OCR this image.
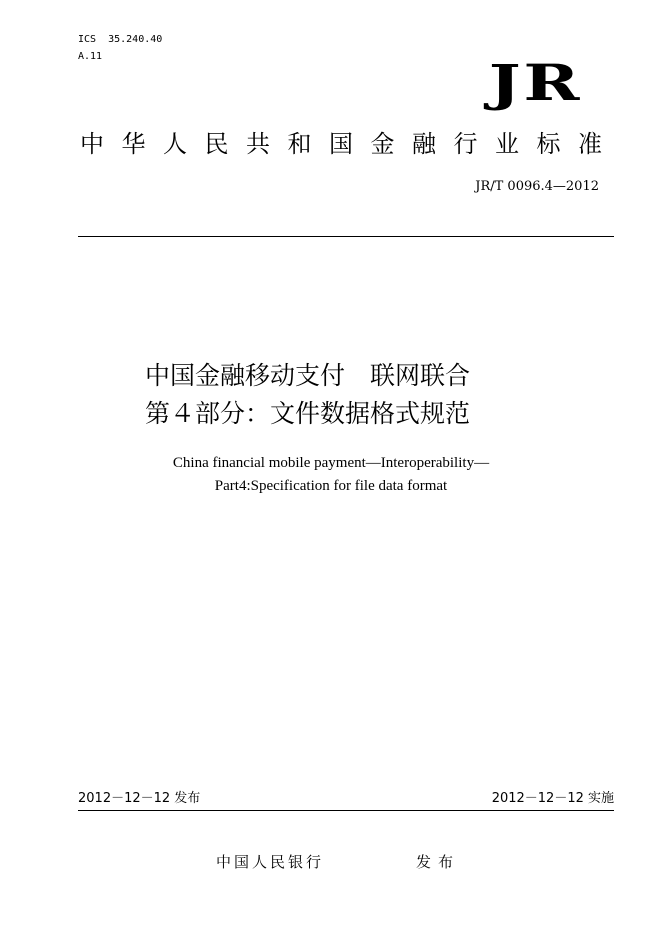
ICS  35.240.40
A.11	JR
中华人民共和国金融行业标准
JR/T 0096.4—2012
中国金融移动支付　联网联合
第４部分：文件数据格式规范
China financial mobile payment—Interoperability—
Part4:Specification for file data format
2012－12－12 发布	2012－12－12 实施
中国人民银行	发布
